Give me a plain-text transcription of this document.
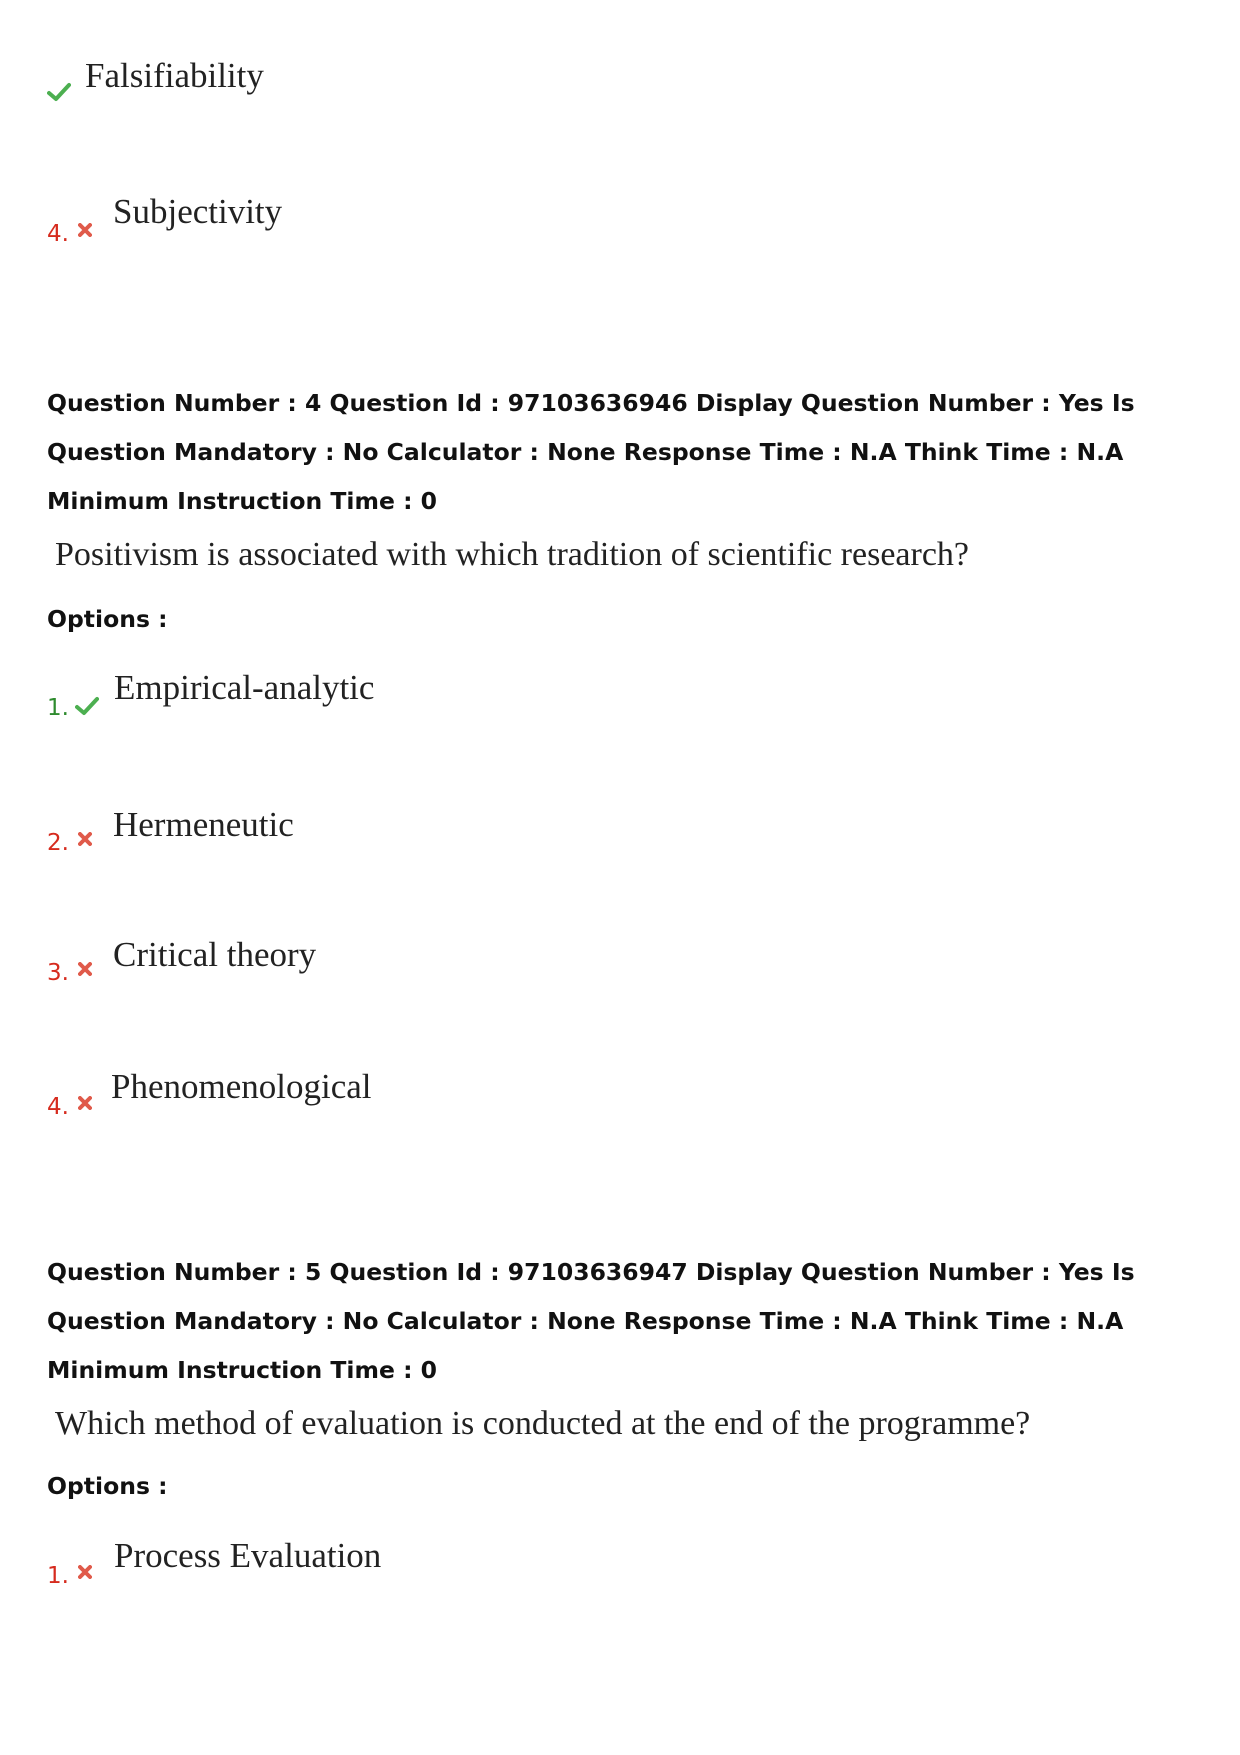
Falsifiability
4.
Subjectivity

Question Number : 4 Question Id : 97103636946 Display Question Number : Yes Is Question Mandatory : No Calculator : None Response Time : N.A Think Time : N.A Minimum Instruction Time : 0

Positivism is associated with which tradition of scientific research?

Options :
1.
Empirical-analytic
2. Hermeneutic
3. Critical theory
4.
Phenomenological

Question Number : 5 Question Id : 97103636947 Display Question Number : Yes Is Question Mandatory : No Calculator : None Response Time : N.A Think Time : N.A Minimum Instruction Time : 0

Which method of evaluation is conducted at the end of the programme?

Options :
1.
Process Evaluation
